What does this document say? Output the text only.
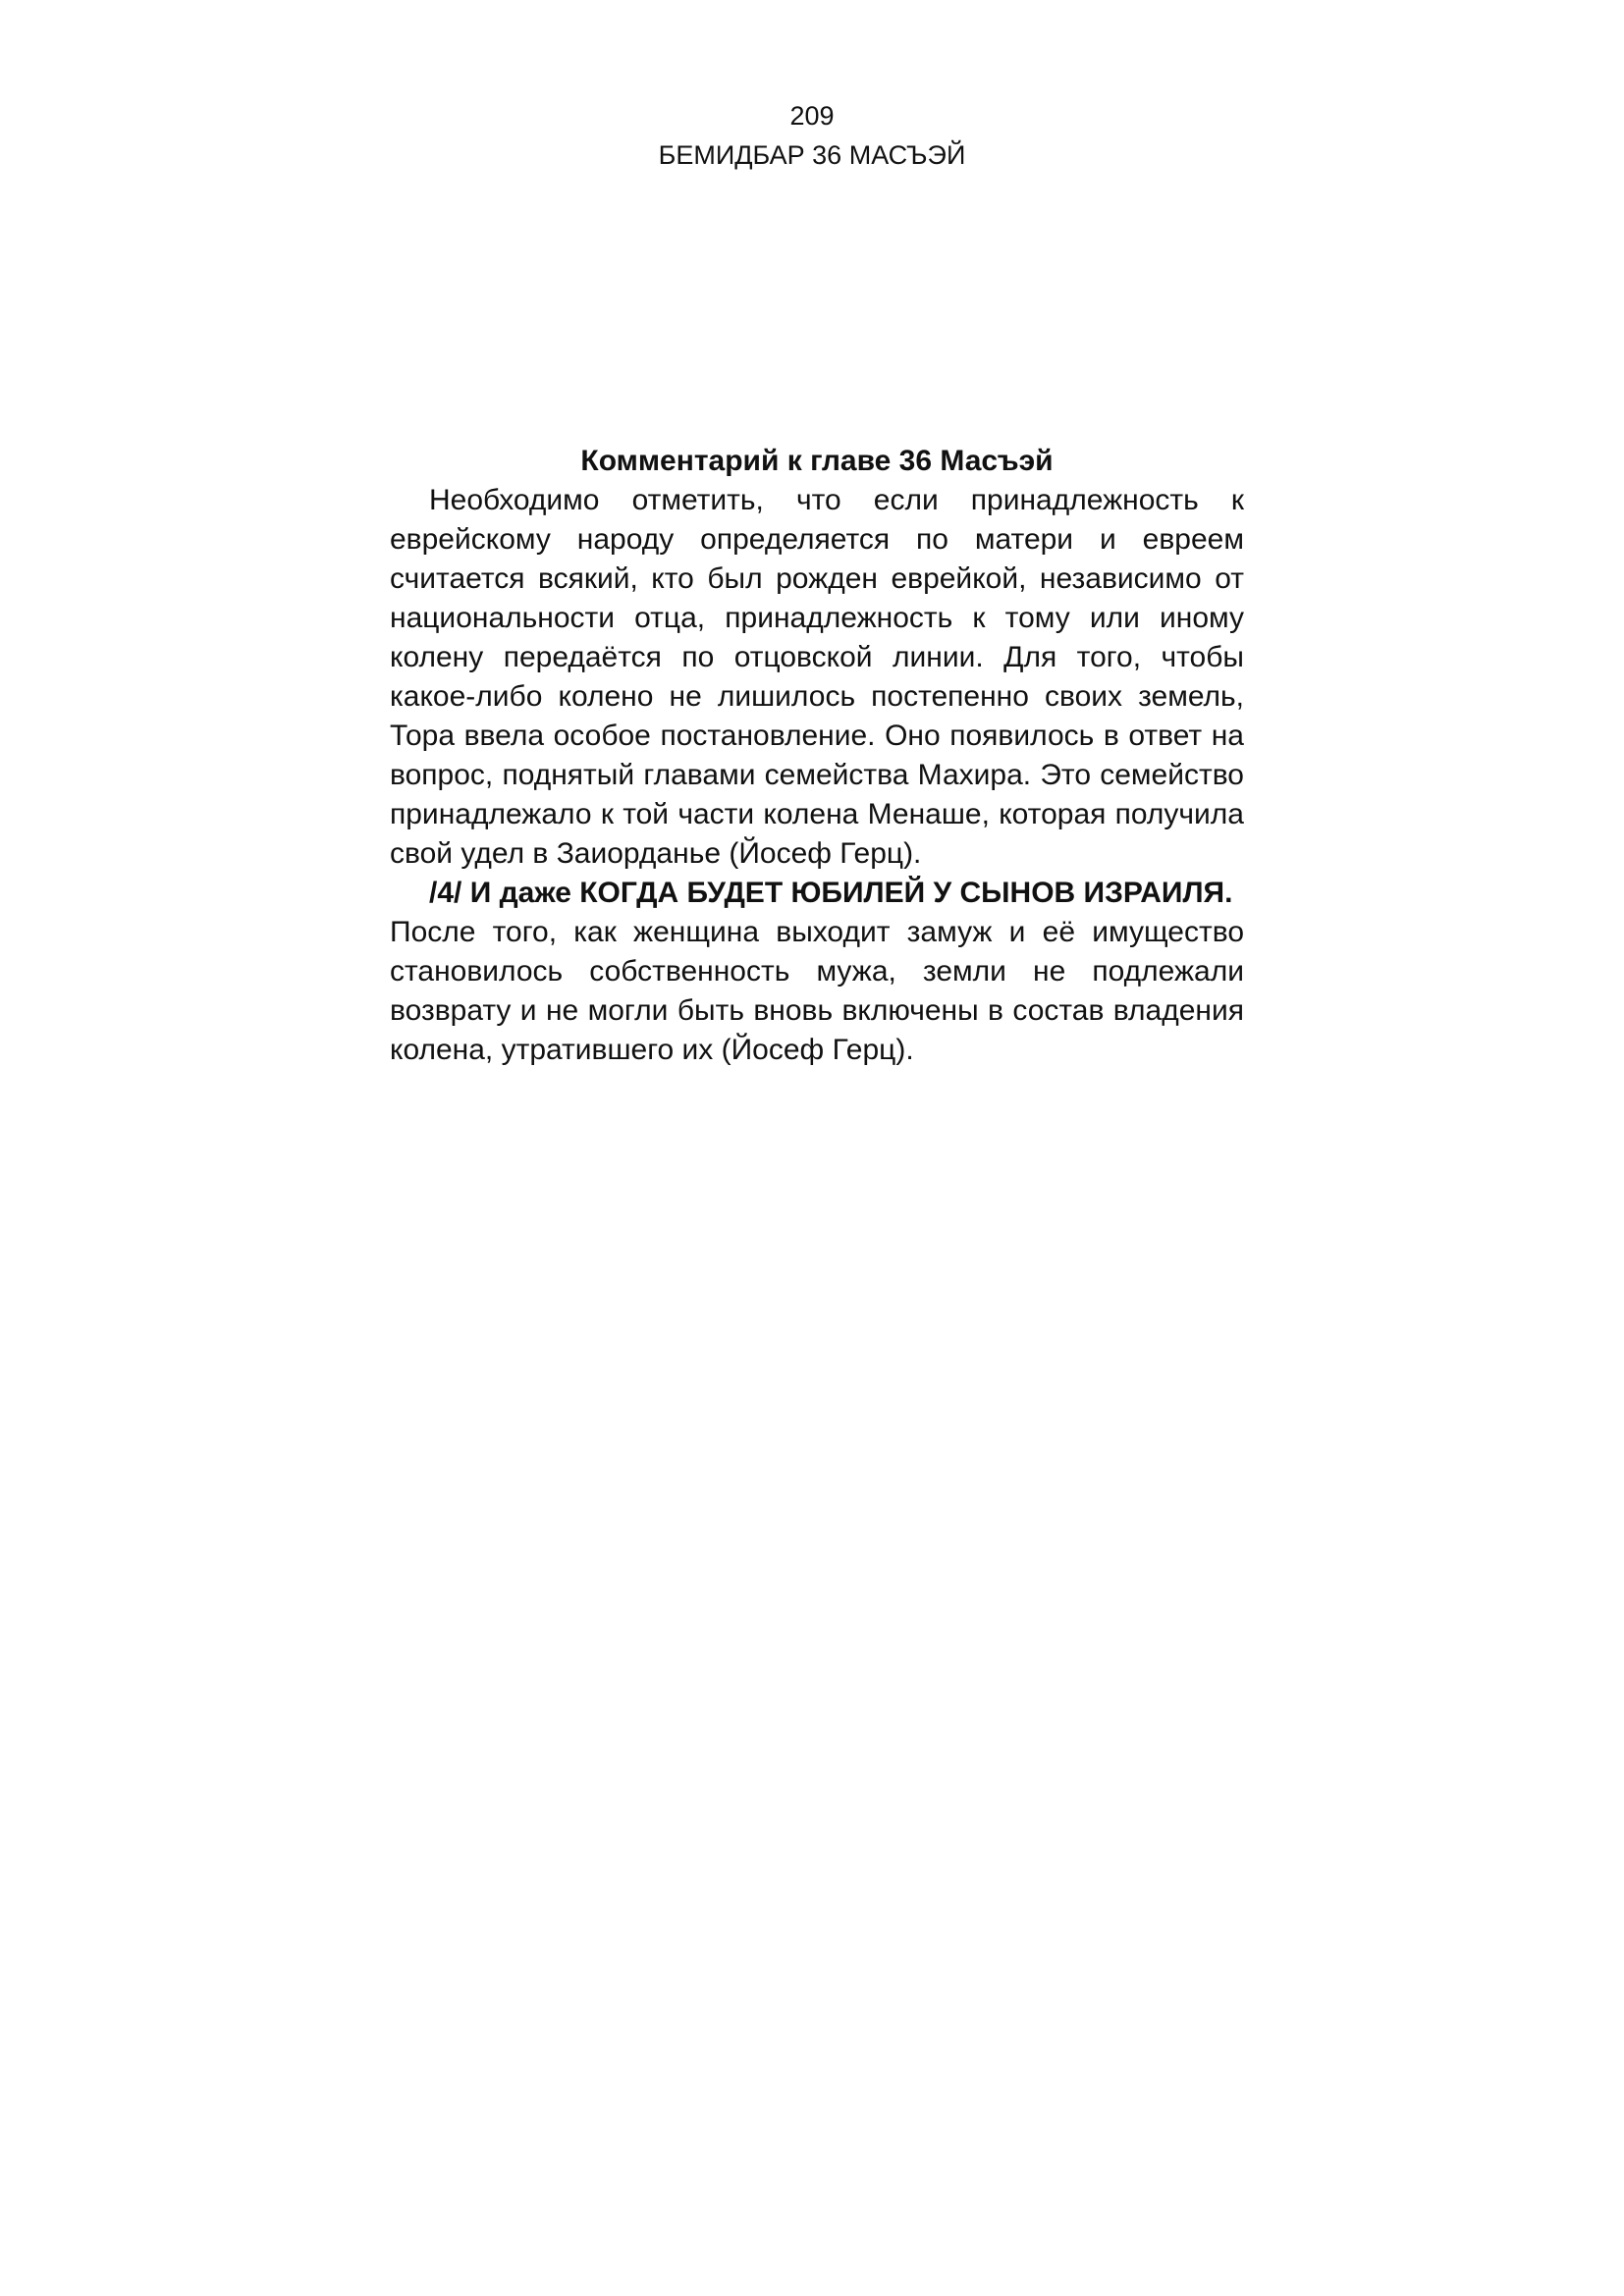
209
БЕМИДБАР 36 МАСЪЭЙ

Комментарий к главе 36 Масъэй

Необходимо отметить, что если принадлежность к еврейскому народу определяется по матери и евреем считается всякий, кто был рожден еврейкой, независимо от национальности отца, принадлежность к тому или иному колену передаётся по отцовской линии. Для того, чтобы какое-либо колено не лишилось постепенно своих земель, Тора ввела особое постановление. Оно появилось в ответ на вопрос, поднятый главами семейства Махира. Это семейство принадлежало к той части колена Менаше, которая получила свой удел в Заиорданье (Йосеф Герц).

/4/ И даже КОГДА БУДЕТ ЮБИЛЕЙ У СЫНОВ ИЗРАИЛЯ.

После того, как женщина выходит замуж и её имущество становилось собственность мужа, земли не подлежали возврату и не могли быть вновь включены в состав владения колена, утратившего их (Йосеф Герц).
